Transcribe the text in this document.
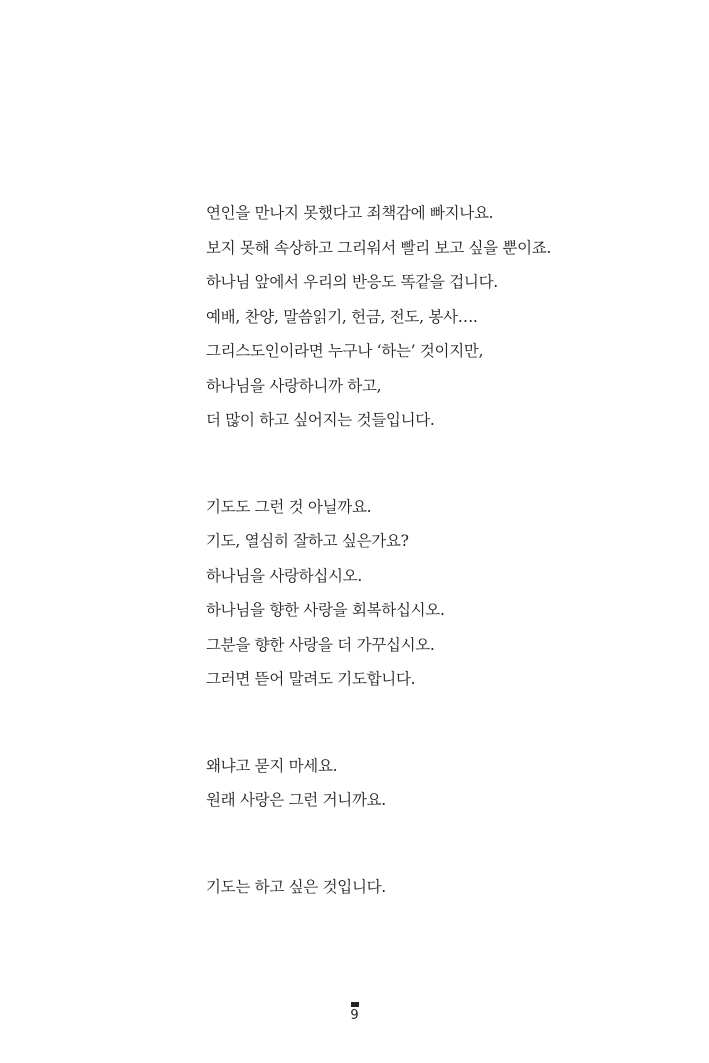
연인을 만나지 못했다고 죄책감에 빠지나요.
보지 못해 속상하고 그리워서 빨리 보고 싶을 뿐이죠.
하나님 앞에서 우리의 반응도 똑같을 겁니다.
예배, 찬양, 말씀읽기, 헌금, 전도, 봉사….
그리스도인이라면 누구나 ‘하는’ 것이지만,
하나님을 사랑하니까 하고,
더 많이 하고 싶어지는 것들입니다.
기도도 그런 것 아닐까요.
기도, 열심히 잘하고 싶은가요?
하나님을 사랑하십시오.
하나님을 향한 사랑을 회복하십시오.
그분을 향한 사랑을 더 가꾸십시오.
그러면 뜯어 말려도 기도합니다.
왜냐고 묻지 마세요.
원래 사랑은 그런 거니까요.
기도는 하고 싶은 것입니다.
9
